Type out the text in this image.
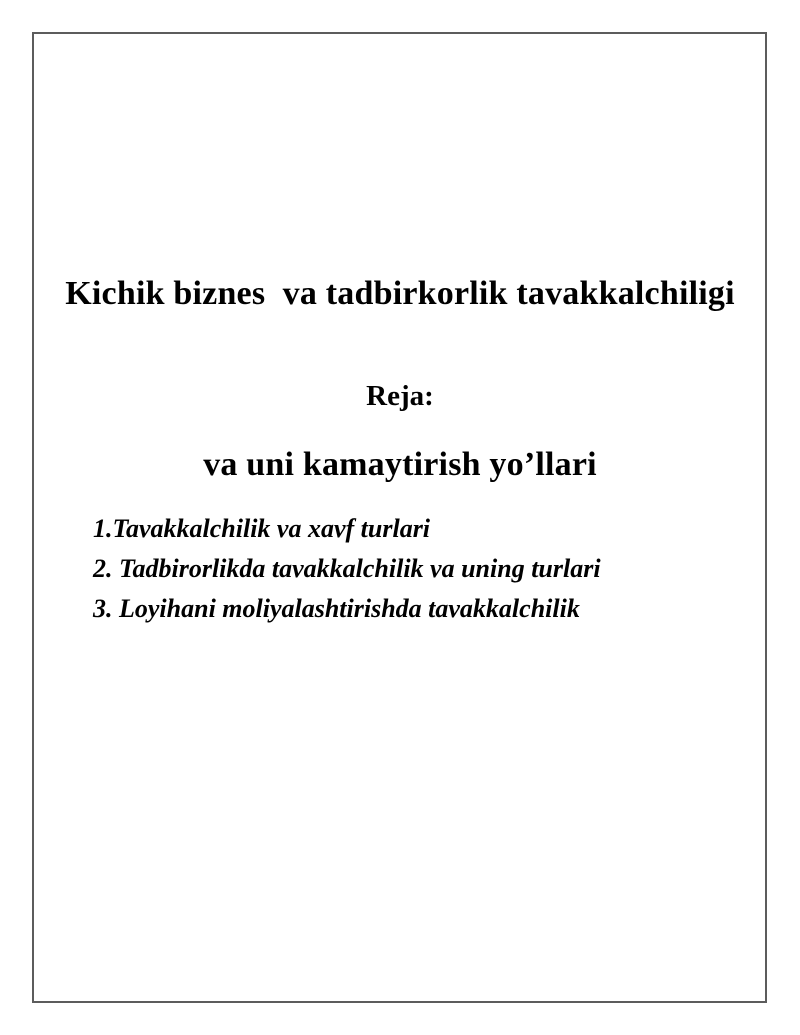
Kichik biznes  va tadbirkorlik tavakkalchiligi

va uni kamaytirish yo’llari

Reja:
1.Tavakkalchilik va xavf turlari
2. Tadbirorlikda tavakkalchilik va uning turlari
3. Loyihani moliyalashtirishda tavakkalchilik
